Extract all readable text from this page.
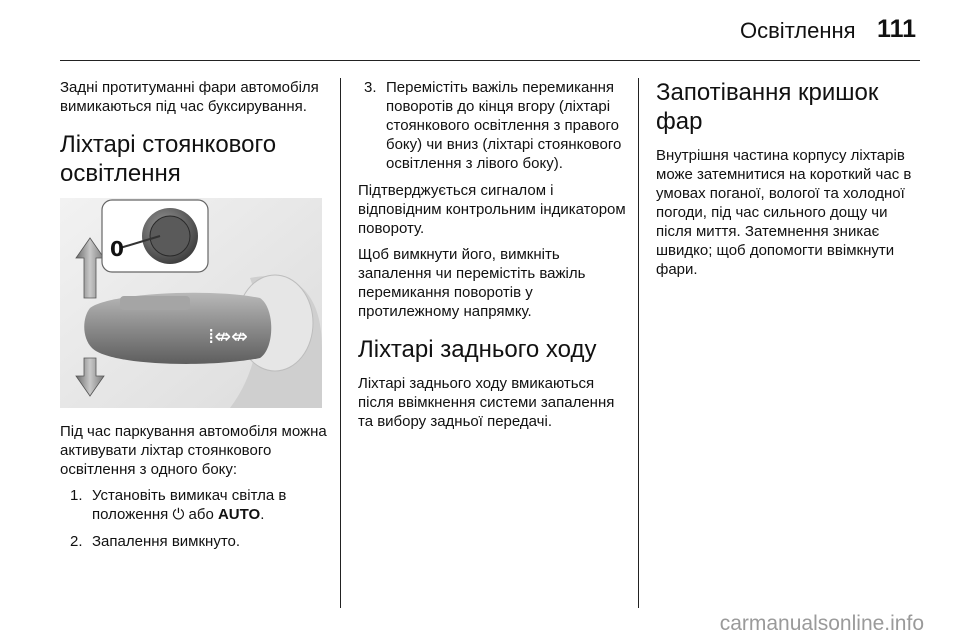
Освітлення 111

Задні протитуманні фари автомобіля вимикаються під час буксирування.

Ліхтарі стоянкового освітлення
⁞⇎⇎
0

Під час паркування автомобіля можна активувати ліхтар стоянкового освітлення з одного боку:

1. Установіть вимикач світла в положення ⏻ або AUTO.
2. Запалення вимкнуто.
3. Перемістіть важіль перемикання поворотів до кінця вгору (ліхтарі стоянкового освітлення з правого боку) чи вниз (ліхтарі стоянкового освітлення з лівого боку).

Підтверджується сигналом і відповідним контрольним індикатором повороту.

Щоб вимкнути його, вимкніть запалення чи перемістіть важіль перемикання поворотів у протилежному напрямку.

Ліхтарі заднього ходу

Ліхтарі заднього ходу вмикаються після ввімкнення системи запалення та вибору задньої передачі.

Запотівання кришок фар

Внутрішня частина корпусу ліхтарів може затемнитися на короткий час в умовах поганої, вологої та холодної погоди, під час сильного дощу чи після миття. Затемнення зникає швидко; щоб допомогти ввімкнути фари.

carmanualsonline.info
